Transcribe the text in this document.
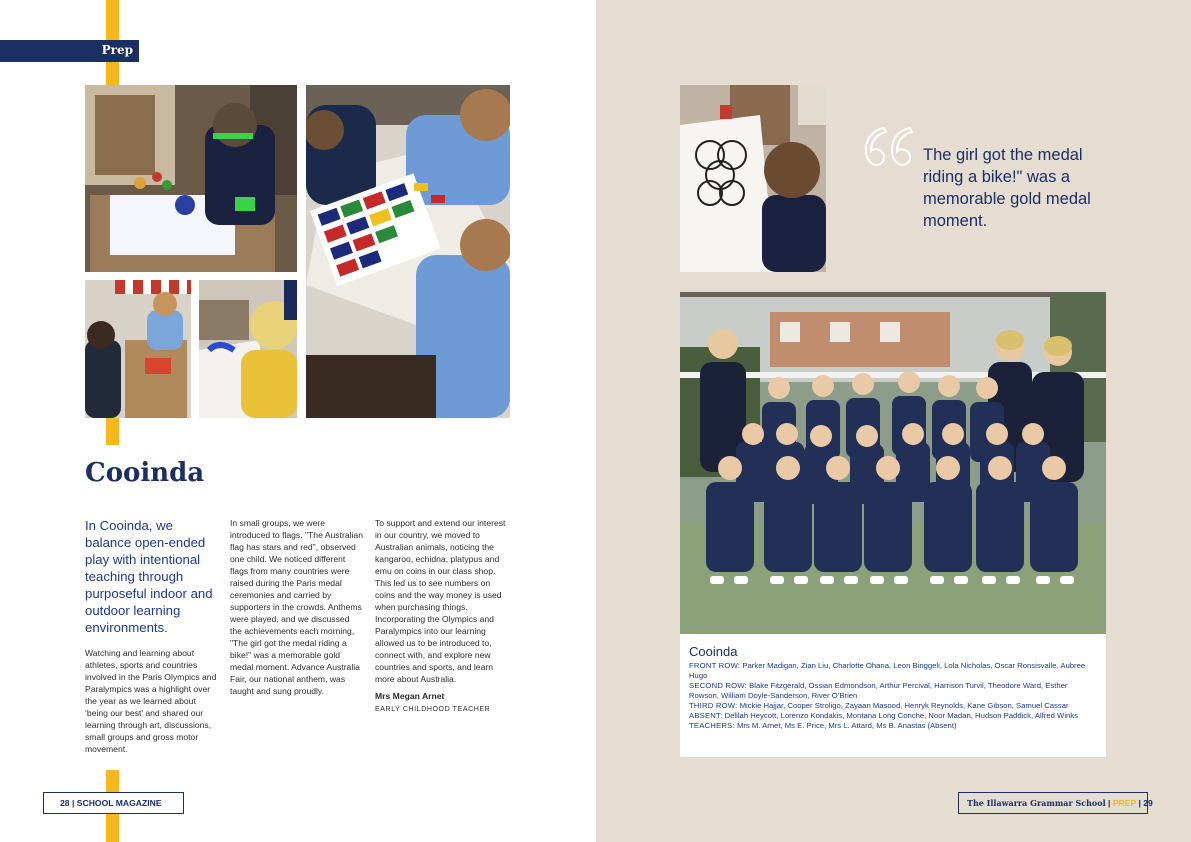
Prep
Cooinda

In Cooinda, we balance open-ended play with intentional teaching through purposeful indoor and outdoor learning environments.

Watching and learning about athletes, sports and countries involved in the Paris Olympics and Paralympics was a highlight over the year as we learned about ‘being our best’ and shared our learning through art, discussions, small groups and gross motor movement.

In small groups, we were introduced to flags. "The Australian flag has stars and red", observed one child. We noticed different flags from many countries were raised during the Paris medal ceremonies and carried by supporters in the crowds. Anthems were played, and we discussed the achievements each morning, "The girl got the medal riding a bike!" was a memorable gold medal moment. Advance Australia Fair, our national anthem, was taught and sung proudly.

To support and extend our interest in our country, we moved to Australian animals, noticing the kangaroo, echidna, platypus and emu on coins in our class shop. This led us to see numbers on coins and the way money is used when purchasing things. Incorporating the Olympics and Paralympics into our learning allowed us to be introduced to, connect with, and explore new countries and sports, and learn more about Australia.

Mrs Megan Arnet

EARLY CHILDHOOD TEACHER

28 | SCHOOL MAGAZINE

The girl got the medal riding a bike!" was a memorable gold medal moment.

Cooinda
FRONT ROW: Parker Madigan, Zian Liu, Charlotte Ohana, Leon Binggeli, Lola Nicholas, Oscar Ronsisvalle, Aubree Hugo
SECOND ROW: Blake Fitzgerald, Ossian Edmondson, Arthur Percival, Harrison Turvil, Theodore Ward, Esther Rowson, William Doyle-Sanderson, River O’Brien
THIRD ROW: Mickie Hajjar, Cooper Stroligo, Zayaan Masood, Henryk Reynolds, Kane Gibson, Samuel Cassar
ABSENT: Delilah Heycott, Lorenzo Kondakis, Montana Long Conche, Noor Madan, Hudson Paddick, Alfred Winks
TEACHERS: Mrs M. Arnet, Ms E. Price, Mrs L. Attard, Ms B. Anastas (Absent)
The Illawarra Grammar School | PREP | 29
